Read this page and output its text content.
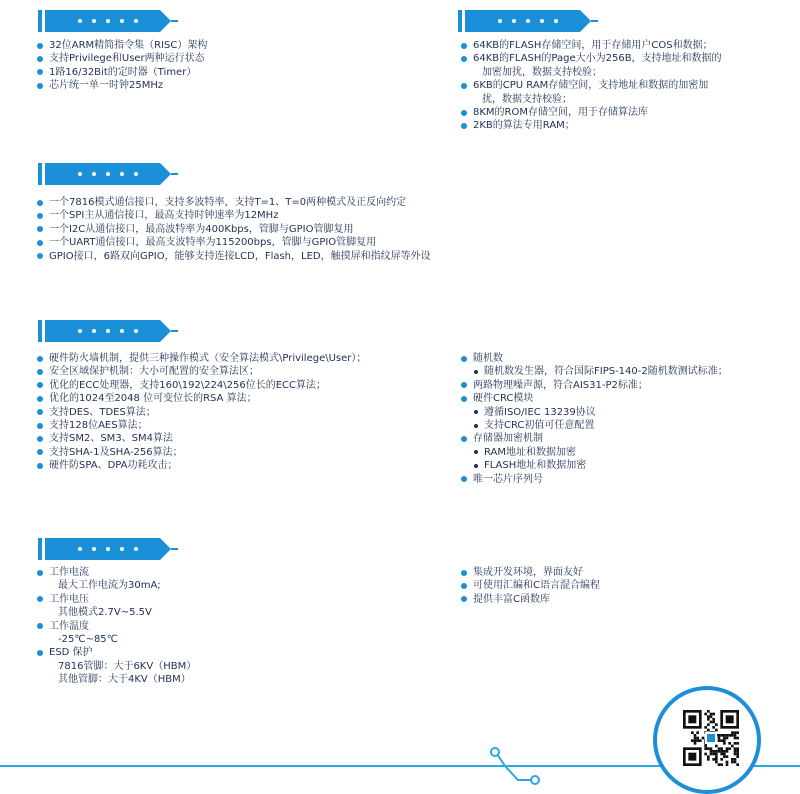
32位ARM精简指令集（RISC）架构
支持Privilege和User两种运行状态
1路16/32Bit的定时器（Timer）
芯片统一单一时钟25MHz
64KB的FLASH存储空间，用于存储用户COS和数据；
64KB的FLASH的Page大小为256B，支持地址和数据的
加密加扰，数据支持校验；
6KB的CPU RAM存储空间，支持地址和数据的加密加
扰，数据支持校验；
8KM的ROM存储空间，用于存储算法库
2KB的算法专用RAM；
一个7816模式通信接口，支持多波特率，支持T=1、T=0两种模式及正反向约定
一个SPI主从通信接口，最高支持时钟速率为12MHz
一个I2C从通信接口，最高波特率为400Kbps，管脚与GPIO管脚复用
一个UART通信接口，最高支波特率为115200bps，管脚与GPIO管脚复用
GPIO接口，6路双向GPIO，能够支持连接LCD，Flash，LED，触摸屏和指纹屏等外设
硬件防火墙机制，提供三种操作模式（安全算法模式\Privilege\User）；
安全区域保护机制：大小可配置的安全算法区；
优化的ECC处理器，支持160\192\224\256位长的ECC算法；
优化的1024至2048 位可变位长的RSA 算法；
支持DES、TDES算法；
支持128位AES算法；
支持SM2、SM3、SM4算法
支持SHA-1及SHA-256算法；
硬件防SPA、DPA功耗攻击；
随机数
随机数发生器，符合国际FIPS-140-2随机数测试标准；
两路物理噪声源，符合AIS31-P2标准；
硬件CRC模块
遵循ISO/IEC 13239协议
支持CRC初值可任意配置
存储器加密机制
RAM地址和数据加密
FLASH地址和数据加密
唯一芯片序列号
工作电流
最大工作电流为30mA;
工作电压
其他模式2.7V~5.5V
工作温度
-25℃~85℃
ESD 保护
7816管脚：大于6KV（HBM）
其他管脚：大于4KV（HBM）
集成开发环境，界面友好
可使用汇编和C语言混合编程
提供丰富C函数库
